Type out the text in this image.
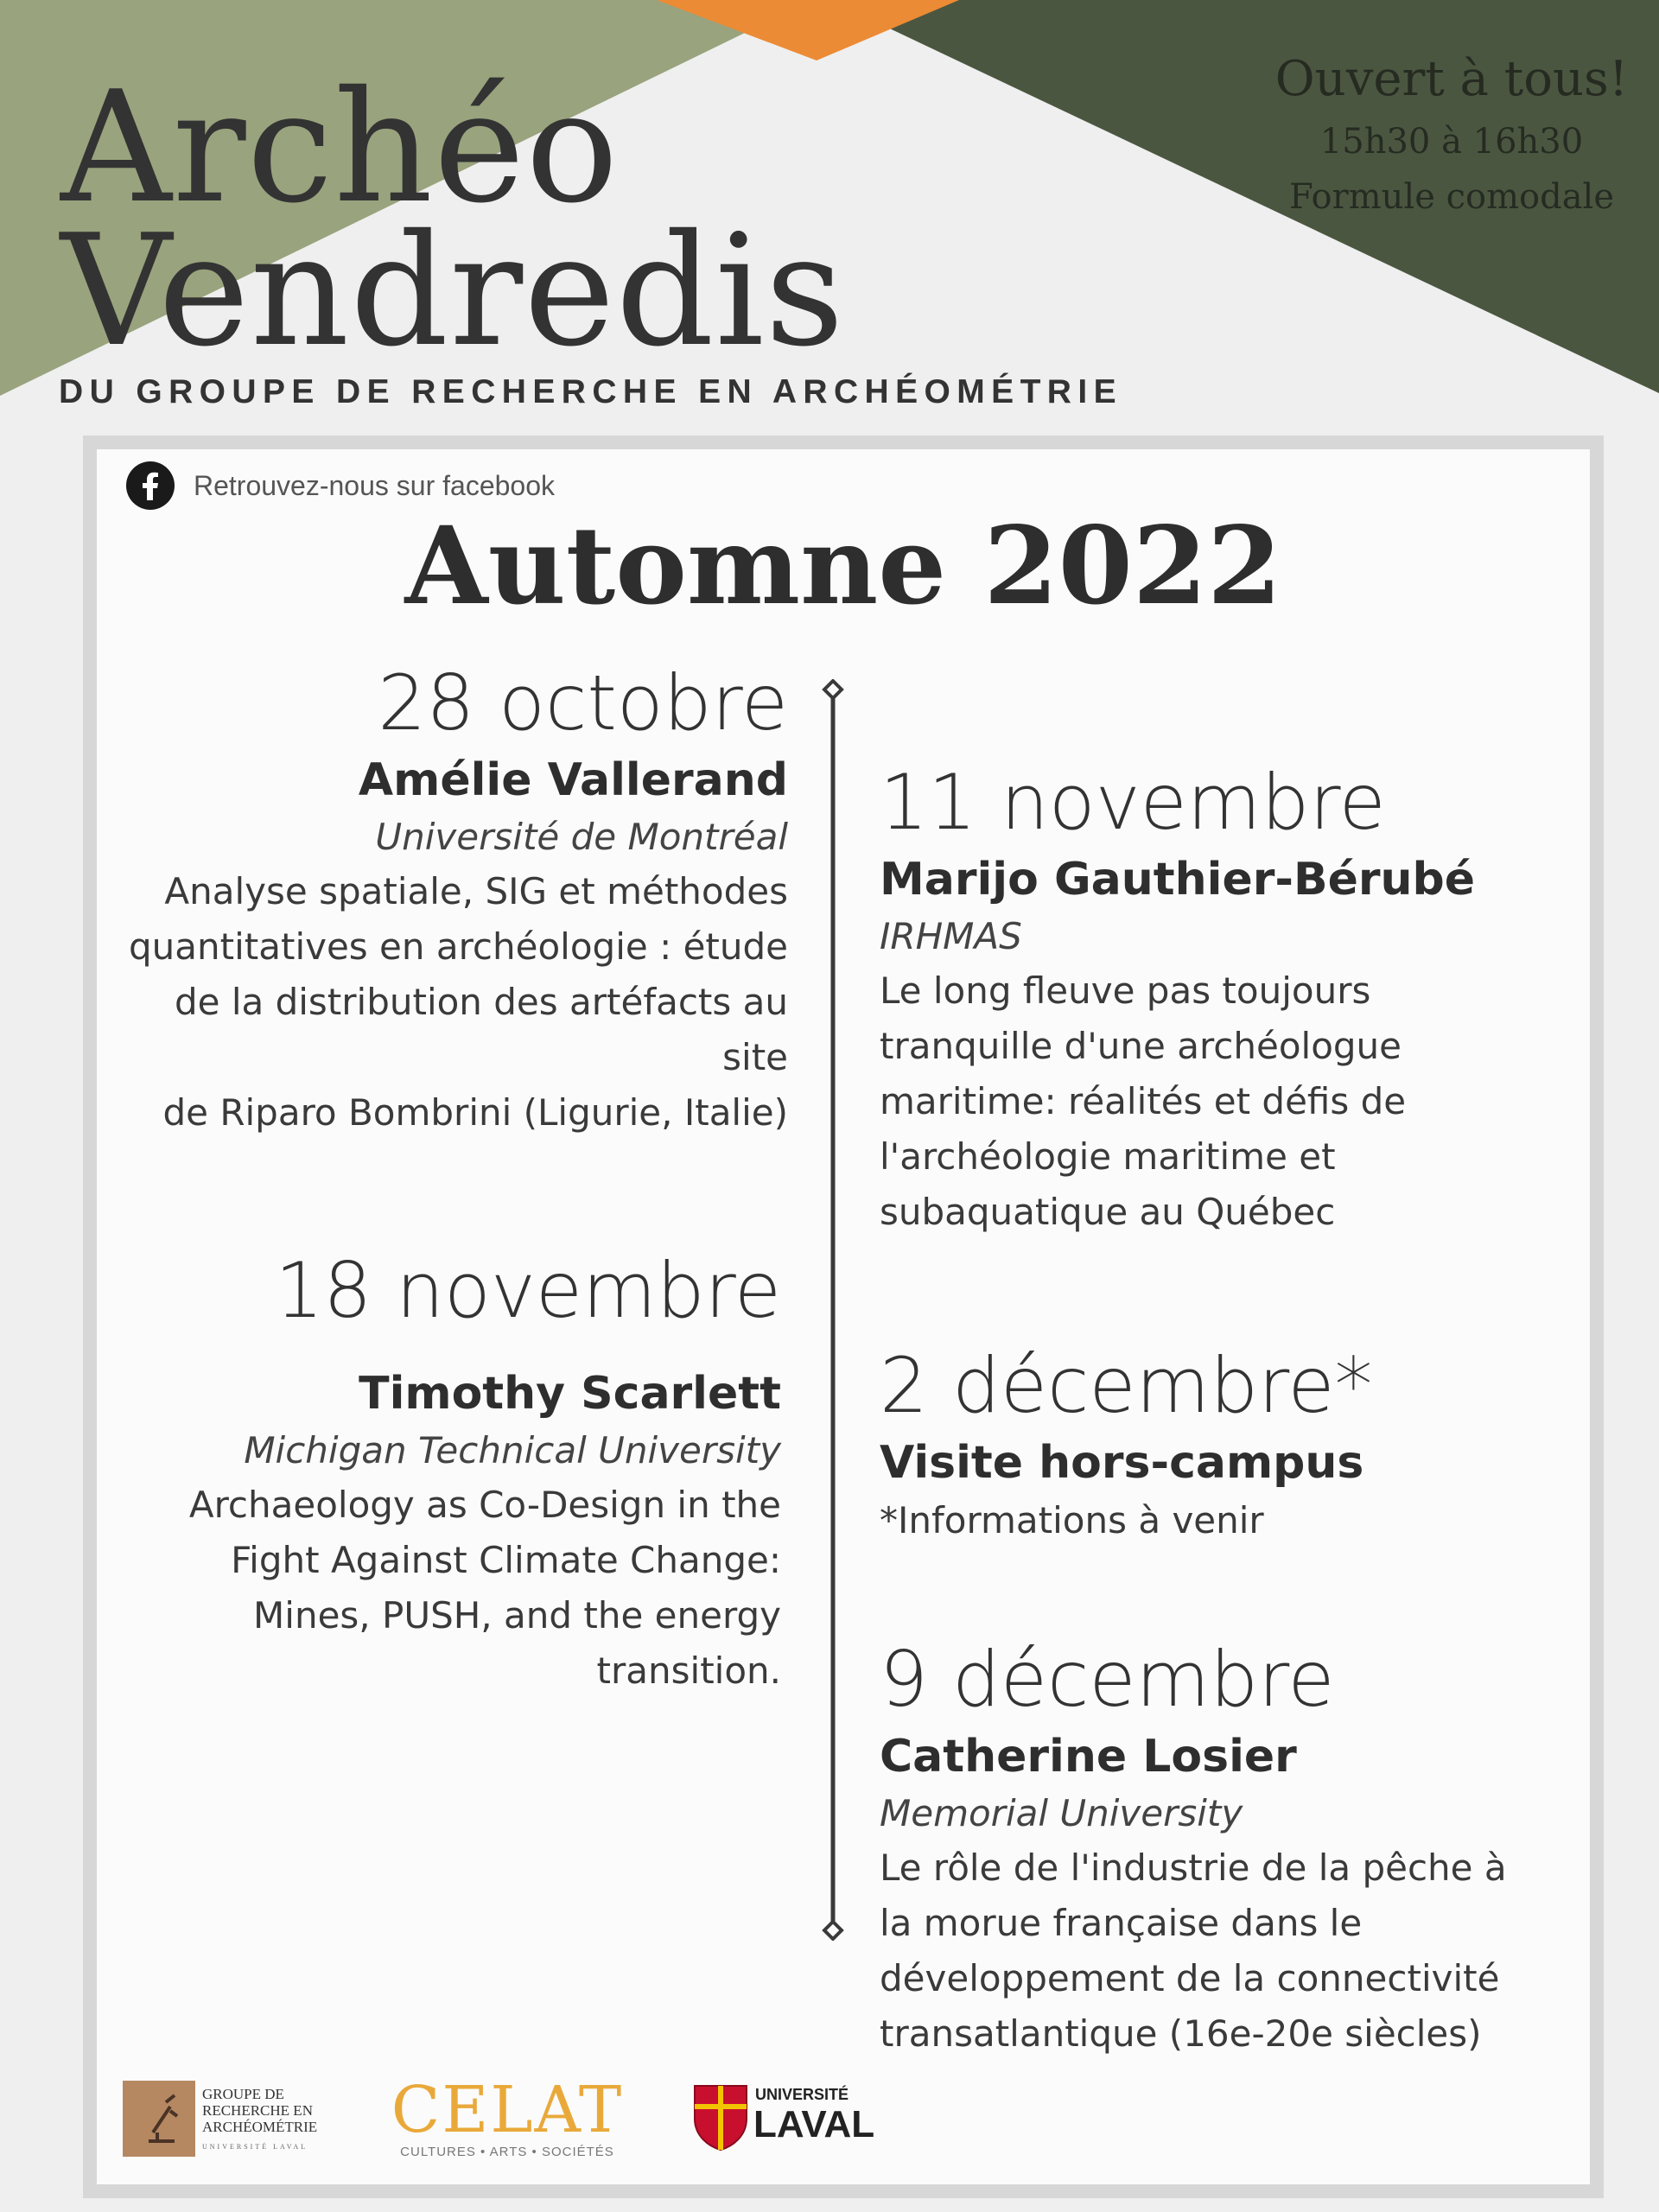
Archéo
Vendredis
DU GROUPE DE RECHERCHE EN ARCHÉOMÉTRIE
Ouvert à tous!
15h30 à 16h30
Formule comodale
Retrouvez-nous sur facebook
Automne 2022
28 octobre
Amélie Vallerand
Université de Montréal
Analyse spatiale, SIG et méthodes
quantitatives en archéologie : étude
de la distribution des artéfacts au site
de Riparo Bombrini (Ligurie, Italie)
11 novembre
Marijo Gauthier-Bérubé
IRHMAS
Le long fleuve pas toujours
tranquille d'une archéologue
maritime: réalités et défis de
l'archéologie maritime et
subaquatique au Québec
18 novembre
Timothy Scarlett
Michigan Technical University
Archaeology as Co-Design in the
Fight Against Climate Change:
Mines, PUSH, and the energy
transition.
2 décembre*
Visite hors-campus
*Informations à venir
9 décembre
Catherine Losier
Memorial University
Le rôle de l'industrie de la pêche à
la morue française dans le
développement de la connectivité
transatlantique (16e-20e siècles)
GROUPE DE
RECHERCHE EN
ARCHÉOMÉTRIE
UNIVERSITÉ LAVAL	CELAT
CULTURES • ARTS • SOCIÉTÉS
UNIVERSITÉ
LAVAL
